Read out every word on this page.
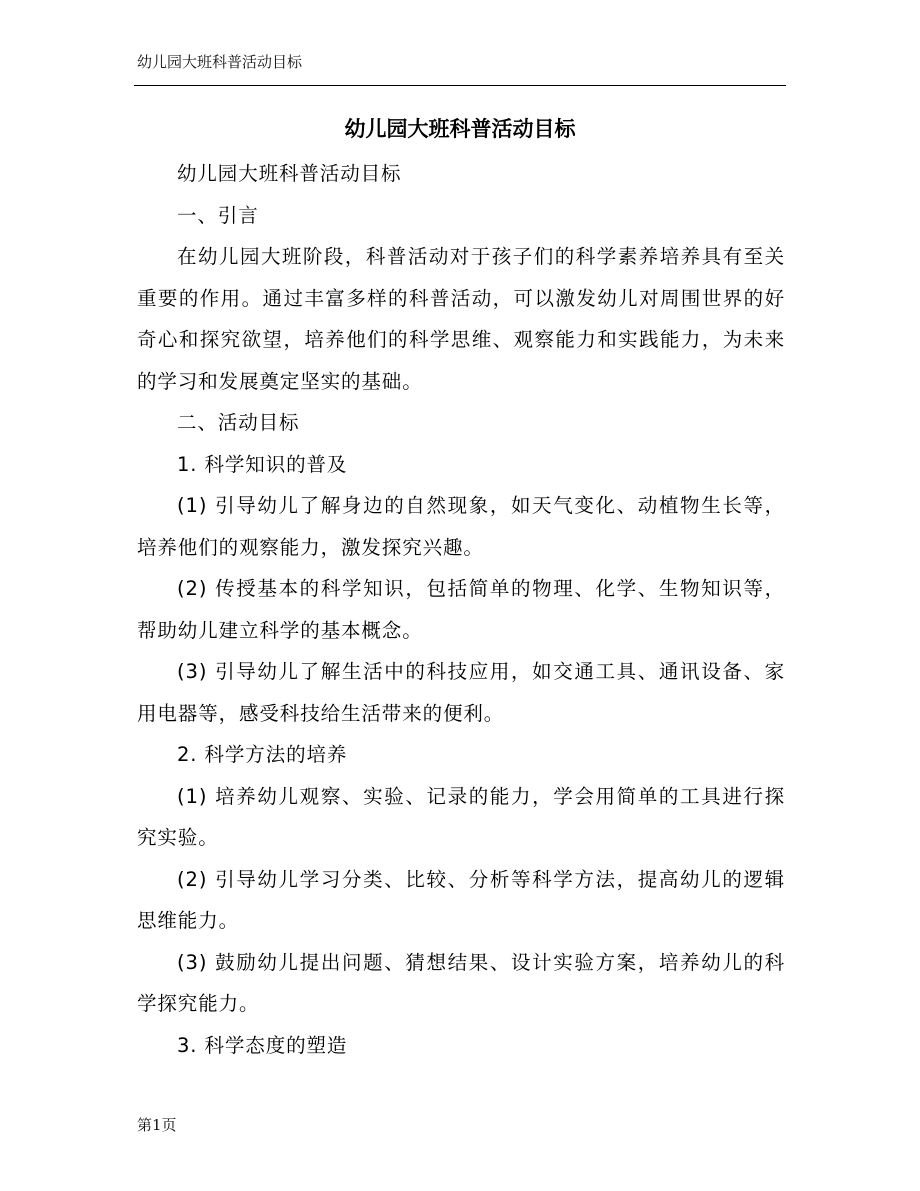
幼儿园大班科普活动目标
幼儿园大班科普活动目标

幼儿园大班科普活动目标

一、引言

在幼儿园大班阶段，科普活动对于孩子们的科学素养培养具有至关重要的作用。通过丰富多样的科普活动，可以激发幼儿对周围世界的好奇心和探究欲望，培养他们的科学思维、观察能力和实践能力，为未来的学习和发展奠定坚实的基础。

二、活动目标

1. 科学知识的普及

(1) 引导幼儿了解身边的自然现象，如天气变化、动植物生长等，培养他们的观察能力，激发探究兴趣。

(2) 传授基本的科学知识，包括简单的物理、化学、生物知识等，帮助幼儿建立科学的基本概念。

(3) 引导幼儿了解生活中的科技应用，如交通工具、通讯设备、家用电器等，感受科技给生活带来的便利。

2. 科学方法的培养

(1) 培养幼儿观察、实验、记录的能力，学会用简单的工具进行探究实验。

(2) 引导幼儿学习分类、比较、分析等科学方法，提高幼儿的逻辑思维能力。

(3) 鼓励幼儿提出问题、猜想结果、设计实验方案，培养幼儿的科学探究能力。

3. 科学态度的塑造

第1页
